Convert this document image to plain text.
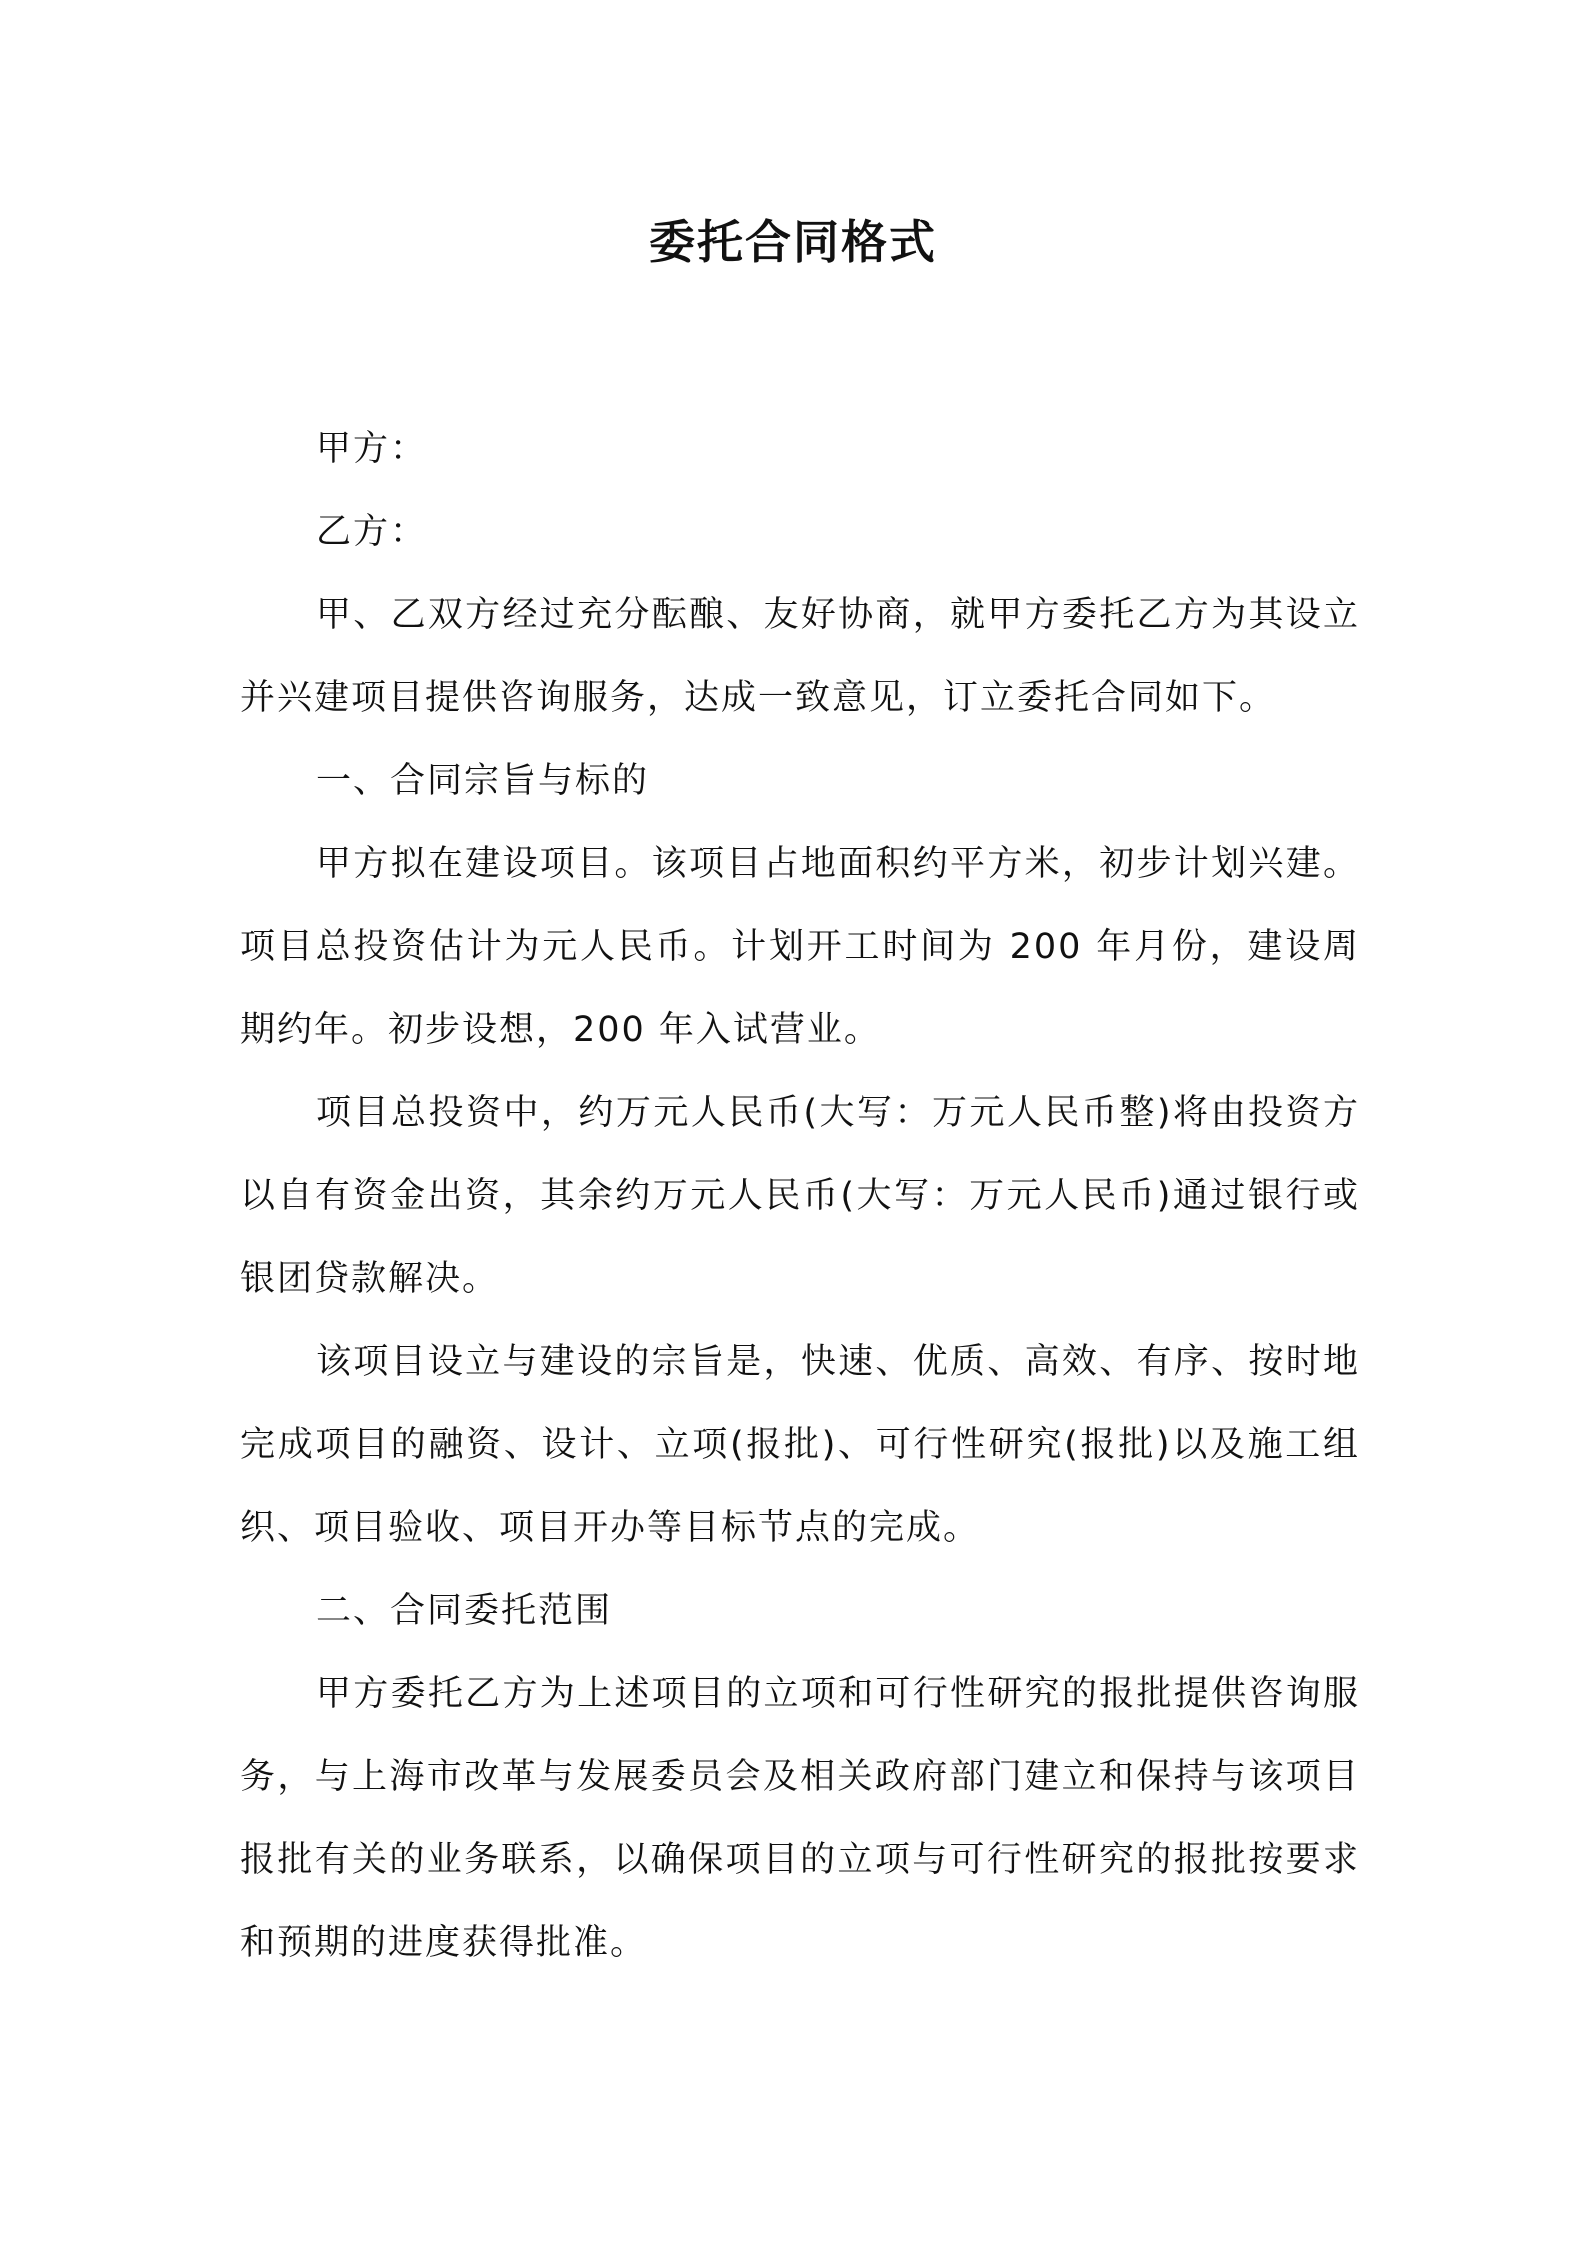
委托合同格式

甲方：

乙方：

甲、乙双方经过充分酝酿、友好协商，就甲方委托乙方为其设立并兴建项目提供咨询服务，达成一致意见，订立委托合同如下。

一、合同宗旨与标的

甲方拟在建设项目。该项目占地面积约平方米，初步计划兴建。项目总投资估计为元人民币。计划开工时间为 200 年月份，建设周期约年。初步设想，200 年入试营业。

项目总投资中，约万元人民币(大写：万元人民币整)将由投资方以自有资金出资，其余约万元人民币(大写：万元人民币)通过银行或银团贷款解决。

该项目设立与建设的宗旨是，快速、优质、高效、有序、按时地完成项目的融资、设计、立项(报批)、可行性研究(报批)以及施工组织、项目验收、项目开办等目标节点的完成。

二、合同委托范围

甲方委托乙方为上述项目的立项和可行性研究的报批提供咨询服务，与上海市改革与发展委员会及相关政府部门建立和保持与该项目报批有关的业务联系，以确保项目的立项与可行性研究的报批按要求和预期的进度获得批准。
